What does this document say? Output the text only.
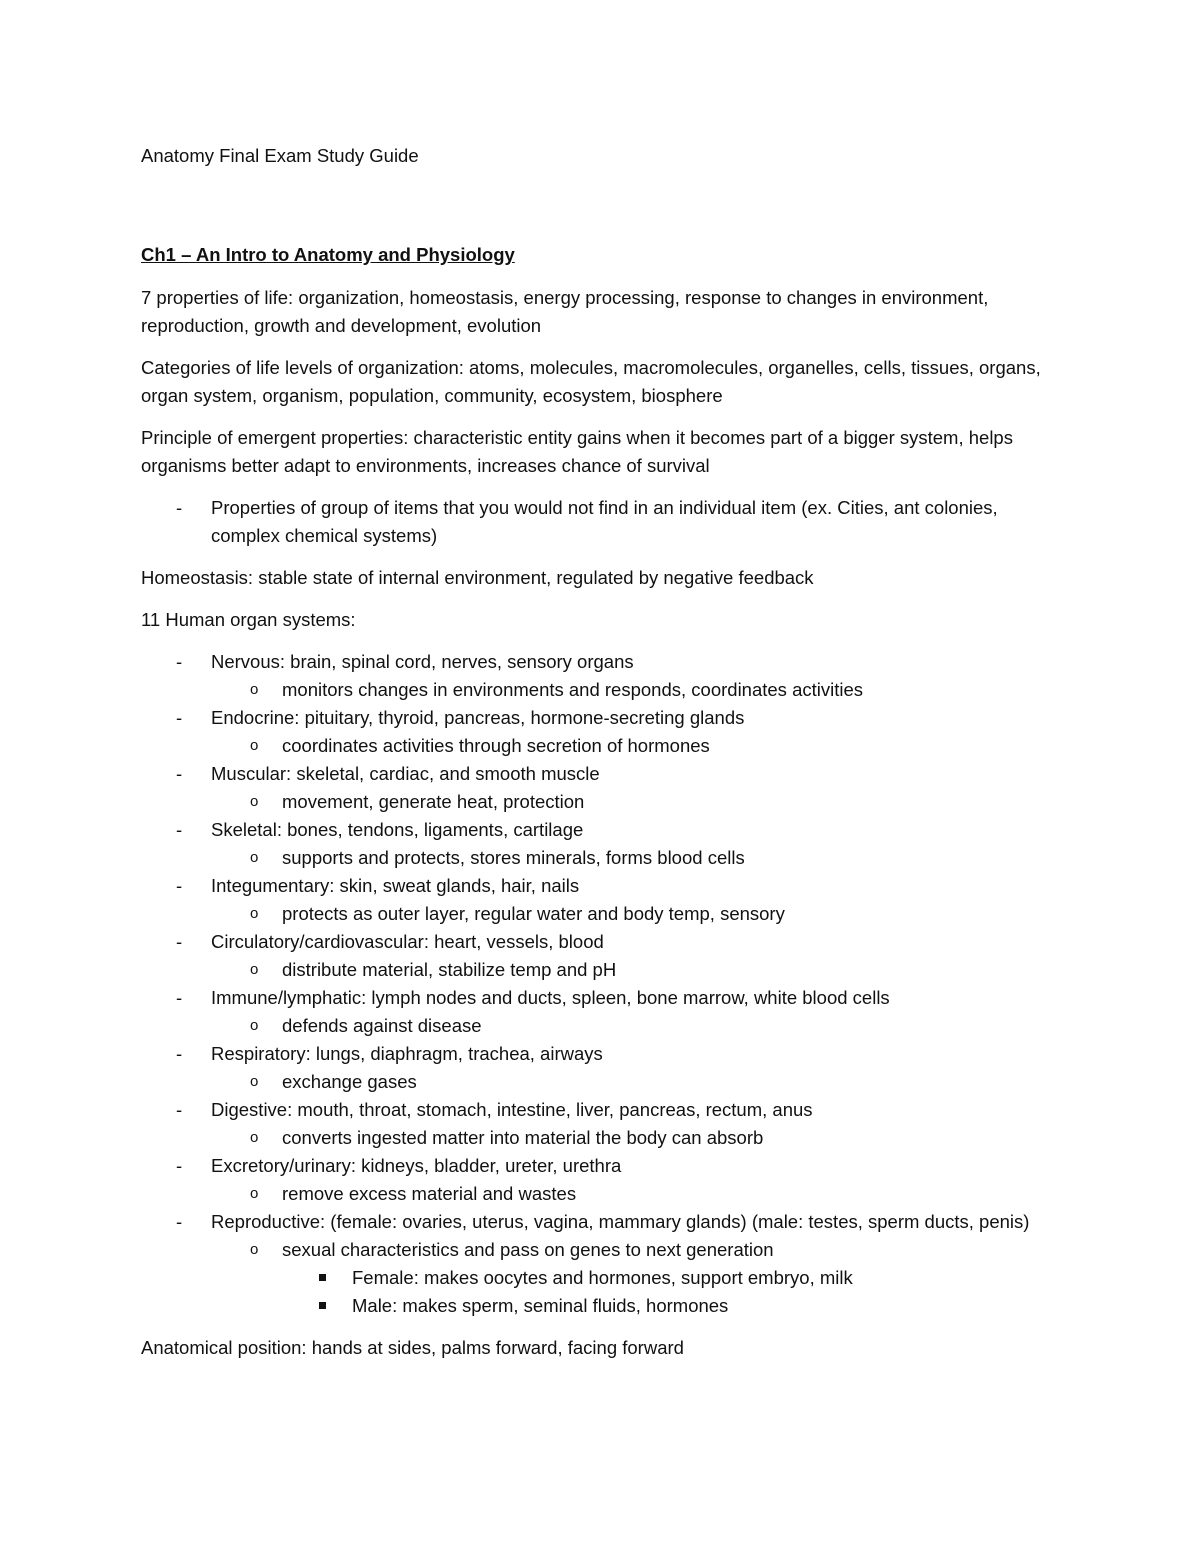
Anatomy Final Exam Study Guide

Ch1 – An Intro to Anatomy and Physiology

7 properties of life: organization, homeostasis, energy processing, response to changes in environment, reproduction, growth and development, evolution

Categories of life levels of organization: atoms, molecules, macromolecules, organelles, cells, tissues, organs, organ system, organism, population, community, ecosystem, biosphere

Principle of emergent properties: characteristic entity gains when it becomes part of a bigger system, helps organisms better adapt to environments, increases chance of survival

- Properties of group of items that you would not find in an individual item (ex. Cities, ant colonies, complex chemical systems)

Homeostasis: stable state of internal environment, regulated by negative feedback

11 Human organ systems:

- Nervous: brain, spinal cord, nerves, sensory organs
o monitors changes in environments and responds, coordinates activities
- Endocrine: pituitary, thyroid, pancreas, hormone-secreting glands
o coordinates activities through secretion of hormones
- Muscular: skeletal, cardiac, and smooth muscle
o movement, generate heat, protection
- Skeletal: bones, tendons, ligaments, cartilage
o supports and protects, stores minerals, forms blood cells
- Integumentary: skin, sweat glands, hair, nails
o protects as outer layer, regular water and body temp, sensory
- Circulatory/cardiovascular: heart, vessels, blood
o distribute material, stabilize temp and pH
- Immune/lymphatic: lymph nodes and ducts, spleen, bone marrow, white blood cells
o defends against disease
- Respiratory: lungs, diaphragm, trachea, airways
o exchange gases
- Digestive: mouth, throat, stomach, intestine, liver, pancreas, rectum, anus
o converts ingested matter into material the body can absorb
- Excretory/urinary: kidneys, bladder, ureter, urethra
o remove excess material and wastes
- Reproductive: (female: ovaries, uterus, vagina, mammary glands) (male: testes, sperm ducts, penis)
o sexual characteristics and pass on genes to next generation
Female: makes oocytes and hormones, support embryo, milk
Male: makes sperm, seminal fluids, hormones

Anatomical position: hands at sides, palms forward, facing forward
